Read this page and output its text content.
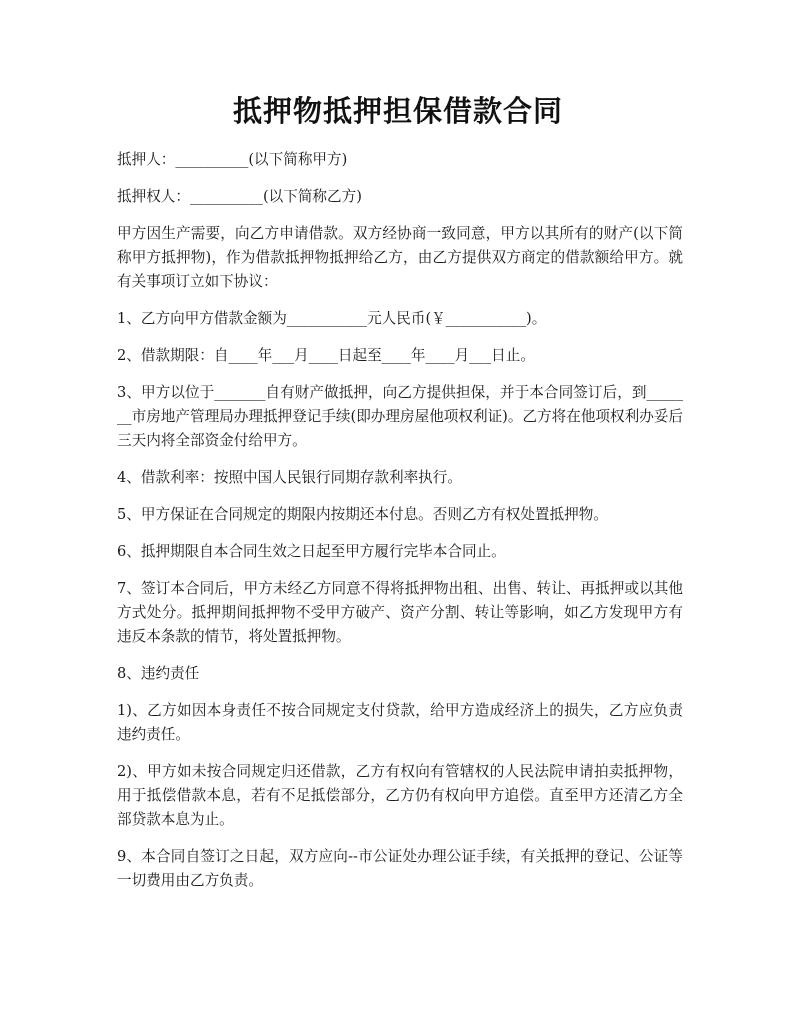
抵押物抵押担保借款合同

抵押人：__________(以下简称甲方)

抵押权人：__________(以下简称乙方)

甲方因生产需要，向乙方申请借款。双方经协商一致同意，甲方以其所有的财产(以下简称甲方抵押物)，作为借款抵押物抵押给乙方，由乙方提供双方商定的借款额给甲方。就有关事项订立如下协议：

1、乙方向甲方借款金额为___________元人民币(￥___________)。

2、借款期限：自____年___月____日起至____年____月___日止。

3、甲方以位于_______自有财产做抵押，向乙方提供担保，并于本合同签订后，到_______市房地产管理局办理抵押登记手续(即办理房屋他项权利证)。乙方将在他项权利办妥后三天内将全部资金付给甲方。

4、借款利率：按照中国人民银行同期存款利率执行。

5、甲方保证在合同规定的期限内按期还本付息。否则乙方有权处置抵押物。

6、抵押期限自本合同生效之日起至甲方履行完毕本合同止。

7、签订本合同后，甲方未经乙方同意不得将抵押物出租、出售、转让、再抵押或以其他方式处分。抵押期间抵押物不受甲方破产、资产分割、转让等影响，如乙方发现甲方有违反本条款的情节，将处置抵押物。

8、违约责任

1)、乙方如因本身责任不按合同规定支付贷款，给甲方造成经济上的损失，乙方应负责违约责任。

2)、甲方如未按合同规定归还借款，乙方有权向有管辖权的人民法院申请拍卖抵押物，用于抵偿借款本息，若有不足抵偿部分，乙方仍有权向甲方追偿。直至甲方还清乙方全部贷款本息为止。

9、本合同自签订之日起，双方应向--市公证处办理公证手续，有关抵押的登记、公证等一切费用由乙方负责。
